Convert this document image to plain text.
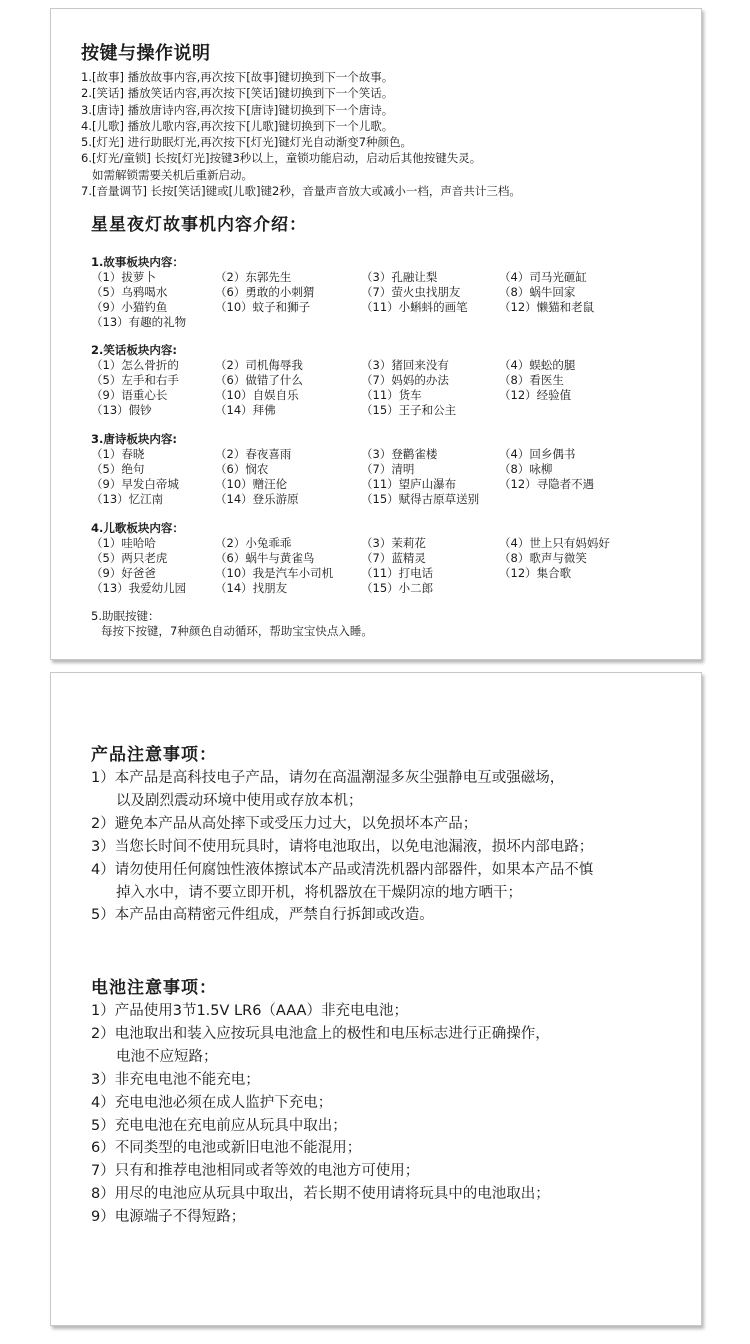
按键与操作说明
1.[故事] 播放故事内容,再次按下[故事]键切换到下一个故事。
2.[笑话] 播放笑话内容,再次按下[笑话]键切换到下一个笑话。
3.[唐诗] 播放唐诗内容,再次按下[唐诗]键切换到下一个唐诗。
4.[儿歌] 播放儿歌内容,再次按下[儿歌]键切换到下一个儿歌。
5.[灯光] 进行助眠灯光,再次按下[灯光]键灯光自动渐变7种颜色。
6.[灯光/童锁] 长按[灯光]按键3秒以上，童锁功能启动，启动后其他按键失灵。
如需解锁需要关机后重新启动。
7.[音量调节] 长按[笑话]键或[儿歌]键2秒，音量声音放大或减小一档，声音共计三档。
星星夜灯故事机内容介绍：
1.故事板块内容：
（1）拔萝卜	（2）东郭先生	（3）孔融让梨	（4）司马光砸缸
（5）乌鸦喝水	（6）勇敢的小刺猬	（7）萤火虫找朋友	（8）蜗牛回家
（9）小猫钓鱼	（10）蚊子和狮子	（11）小蝌蚪的画笔	（12）懒猫和老鼠
（13）有趣的礼物
2.笑话板块内容:
（1）怎么骨折的	（2）司机侮辱我	（3）猪回来没有	（4）蜈蚣的腿
（5）左手和右手	（6）做错了什么	（7）妈妈的办法	（8）看医生
（9）语重心长	（10）自娱自乐	（11）货车	（12）经验值
（13）假钞	（14）拜佛	（15）王子和公主
3.唐诗板块内容:
（1）春晓	（2）春夜喜雨	（3）登鹳雀楼	（4）回乡偶书
（5）绝句	（6）悯农	（7）清明	（8）咏柳
（9）早发白帝城	（10）赠汪伦	（11）望庐山瀑布	（12）寻隐者不遇
（13）忆江南	（14）登乐游原	（15）赋得古原草送别
4.儿歌板块内容：
（1）哇哈哈	（2）小兔乖乖	（3）茉莉花	（4）世上只有妈妈好
（5）两只老虎	（6）蜗牛与黄雀鸟	（7）蓝精灵	（8）歌声与微笑
（9）好爸爸	（10）我是汽车小司机	（11）打电话	（12）集合歌
（13）我爱幼儿园	（14）找朋友	（15）小二郎
5.助眠按键：
每按下按键，7种颜色自动循环，帮助宝宝快点入睡。
产品注意事项：
1）本产品是高科技电子产品，请勿在高温潮湿多灰尘强静电互或强磁场，
以及剧烈震动环境中使用或存放本机；
2）避免本产品从高处摔下或受压力过大，以免损坏本产品；
3）当您长时间不使用玩具时，请将电池取出，以免电池漏液，损坏内部电路；
4）请勿使用任何腐蚀性液体擦试本产品或清洗机器内部器件，如果本产品不慎
掉入水中，请不要立即开机，将机器放在干燥阴凉的地方晒干；
5）本产品由高精密元件组成，严禁自行拆卸或改造。
电池注意事项：
1）产品使用3节1.5V LR6（AAA）非充电电池；
2）电池取出和装入应按玩具电池盒上的极性和电压标志进行正确操作，
电池不应短路；
3）非充电电池不能充电；
4）充电电池必须在成人监护下充电；
5）充电电池在充电前应从玩具中取出；
6）不同类型的电池或新旧电池不能混用；
7）只有和推荐电池相同或者等效的电池方可使用；
8）用尽的电池应从玩具中取出，若长期不使用请将玩具中的电池取出；
9）电源端子不得短路；
